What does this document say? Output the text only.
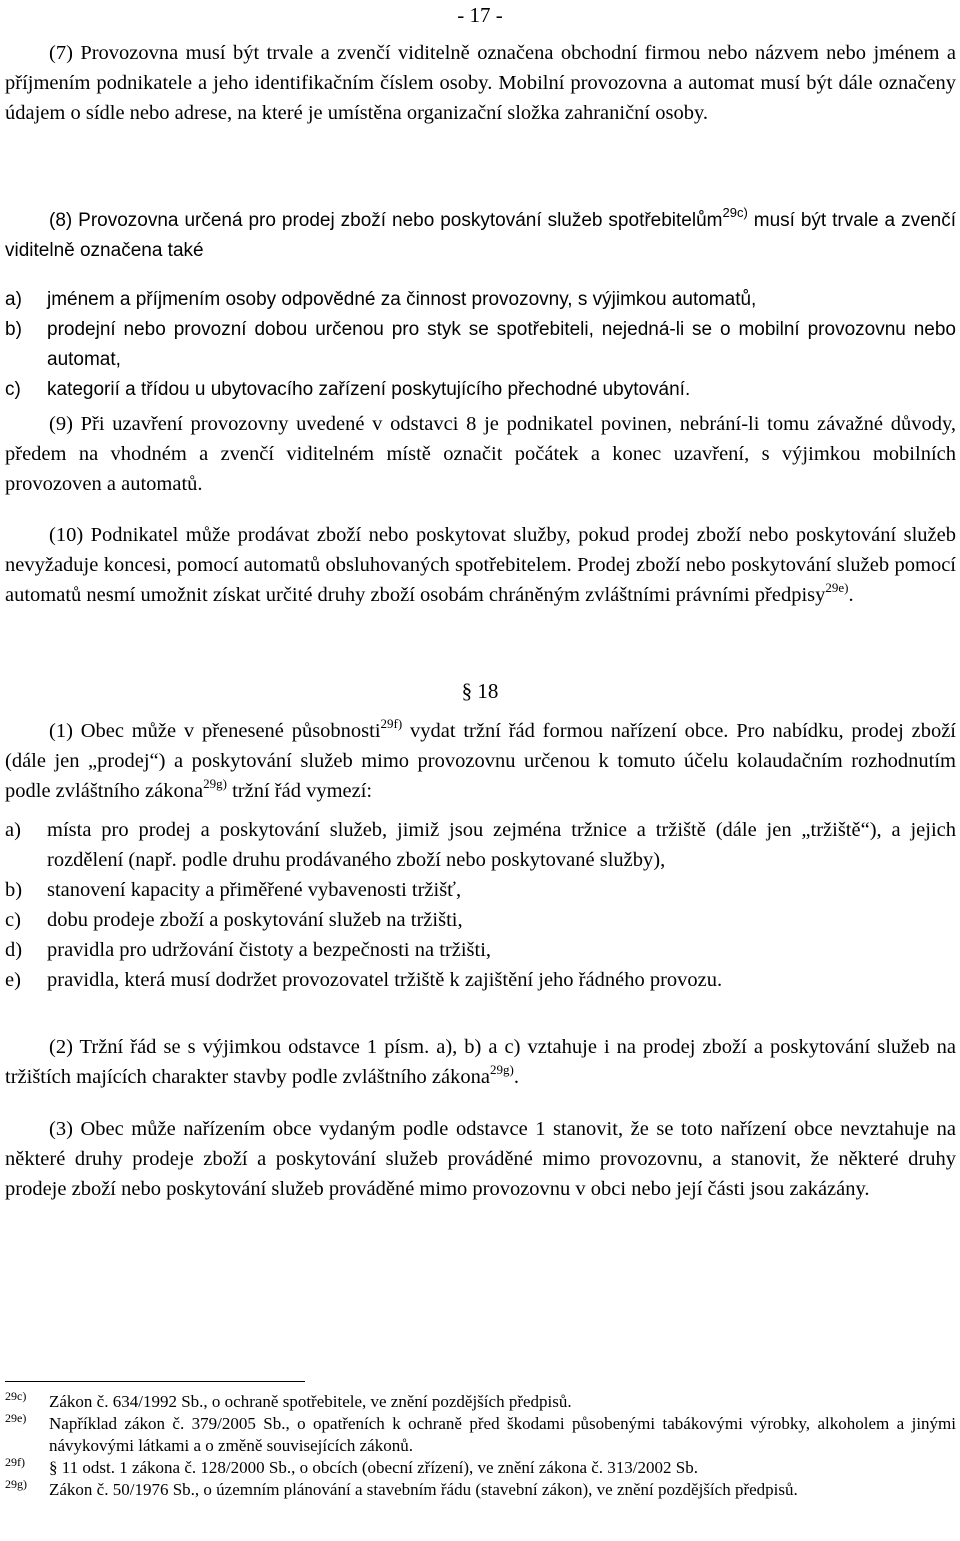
- 17 -

(7) Provozovna musí být trvale a zvenčí viditelně označena obchodní firmou nebo názvem nebo jménem a příjmením podnikatele a jeho identifikačním číslem osoby. Mobilní provozovna a automat musí být dále označeny údajem o sídle nebo adrese, na které je umístěna organizační složka zahraniční osoby.

(8) Provozovna určená pro prodej zboží nebo poskytování služeb spotřebitelům$^{29c)}$ musí být trvale a zvenčí viditelně označena také

a) jménem a příjmením osoby odpovědné za činnost provozovny, s výjimkou automatů,
b) prodejní nebo provozní dobou určenou pro styk se spotřebiteli, nejedná-li se o mobilní provozovnu nebo automat,
c) kategorií a třídou u ubytovacího zařízení poskytujícího přechodné ubytování.

(9) Při uzavření provozovny uvedené v odstavci 8 je podnikatel povinen, nebrání-li tomu závažné důvody, předem na vhodném a zvenčí viditelném místě označit počátek a konec uzavření, s výjimkou mobilních provozoven a automatů.

(10) Podnikatel může prodávat zboží nebo poskytovat služby, pokud prodej zboží nebo poskytování služeb nevyžaduje koncesi, pomocí automatů obsluhovaných spotřebitelem. Prodej zboží nebo poskytování služeb pomocí automatů nesmí umožnit získat určité druhy zboží osobám chráněným zvláštními právními předpisy$^{29e)}$.

§ 18

(1) Obec může v přenesené působnosti$^{29f)}$ vydat tržní řád formou nařízení obce. Pro nabídku, prodej zboží (dále jen „prodej“) a poskytování služeb mimo provozovnu určenou k tomuto účelu kolaudačním rozhodnutím podle zvláštního zákona$^{29g)}$ tržní řád vymezí:

a) místa pro prodej a poskytování služeb, jimiž jsou zejména tržnice a tržiště (dále jen „tržiště“), a jejich rozdělení (např. podle druhu prodávaného zboží nebo poskytované služby),
b) stanovení kapacity a přiměřené vybavenosti tržišť,
c) dobu prodeje zboží a poskytování služeb na tržišti,
d) pravidla pro udržování čistoty a bezpečnosti na tržišti,
e) pravidla, která musí dodržet provozovatel tržiště k zajištění jeho řádného provozu.

(2) Tržní řád se s výjimkou odstavce 1 písm. a), b) a c) vztahuje i na prodej zboží a poskytování služeb na tržištích majících charakter stavby podle zvláštního zákona$^{29g)}$.

(3) Obec může nařízením obce vydaným podle odstavce 1 stanovit, že se toto nařízení obce nevztahuje na některé druhy prodeje zboží a poskytování služeb prováděné mimo provozovnu, a stanovit, že některé druhy prodeje zboží nebo poskytování služeb prováděné mimo provozovnu v obci nebo její části jsou zakázány.

29c) Zákon č. 634/1992 Sb., o ochraně spotřebitele, ve znění pozdějších předpisů.
29e) Například zákon č. 379/2005 Sb., o opatřeních k ochraně před škodami působenými tabákovými výrobky, alkoholem a jinými návykovými látkami a o změně souvisejících zákonů.
29f) § 11 odst. 1 zákona č. 128/2000 Sb., o obcích (obecní zřízení), ve znění zákona č. 313/2002 Sb.
29g) Zákon č. 50/1976 Sb., o územním plánování a stavebním řádu (stavební zákon), ve znění pozdějších předpisů.
